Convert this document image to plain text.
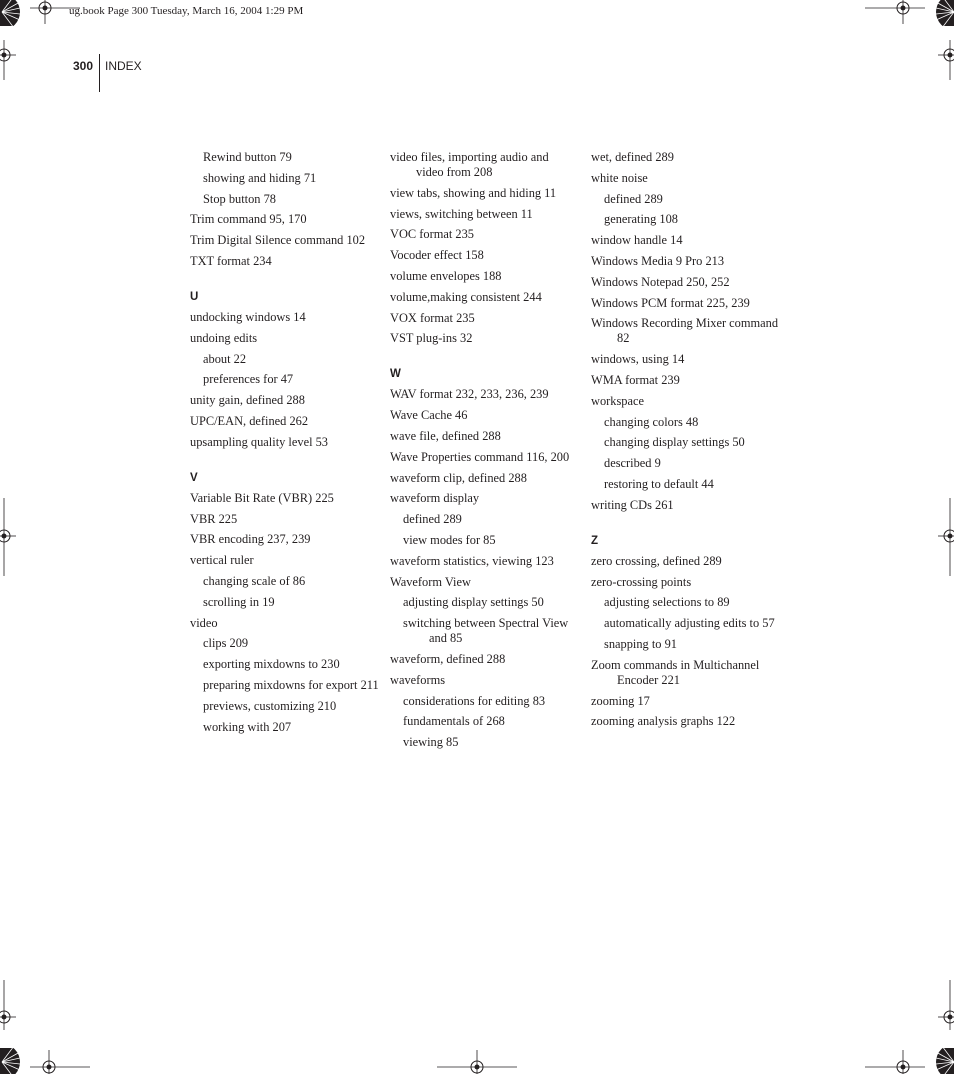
ug.book Page 300 Tuesday, March 16, 2004 1:29 PM
300 INDEX
Rewind button 79
showing and hiding 71
Stop button 78
Trim command 95, 170
Trim Digital Silence command 102
TXT format 234
U
undocking windows 14
undoing edits
about 22
preferences for 47
unity gain, defined 288
UPC/EAN, defined 262
upsampling quality level 53
V
Variable Bit Rate (VBR) 225
VBR 225
VBR encoding 237, 239
vertical ruler
changing scale of 86
scrolling in 19
video
clips 209
exporting mixdowns to 230
preparing mixdowns for export 211
previews, customizing 210
working with 207
video files, importing audio and video from 208
view tabs, showing and hiding 11
views, switching between 11
VOC format 235
Vocoder effect 158
volume envelopes 188
volume,making consistent 244
VOX format 235
VST plug-ins 32
W
WAV format 232, 233, 236, 239
Wave Cache 46
wave file, defined 288
Wave Properties command 116, 200
waveform clip, defined 288
waveform display
defined 289
view modes for 85
waveform statistics, viewing 123
Waveform View
adjusting display settings 50
switching between Spectral View and 85
waveform, defined 288
waveforms
considerations for editing 83
fundamentals of 268
viewing 85
wet, defined 289
white noise
defined 289
generating 108
window handle 14
Windows Media 9 Pro 213
Windows Notepad 250, 252
Windows PCM format 225, 239
Windows Recording Mixer command 82
windows, using 14
WMA format 239
workspace
changing colors 48
changing display settings 50
described 9
restoring to default 44
writing CDs 261
Z
zero crossing, defined 289
zero-crossing points
adjusting selections to 89
automatically adjusting edits to 57
snapping to 91
Zoom commands in Multichannel Encoder 221
zooming 17
zooming analysis graphs 122
